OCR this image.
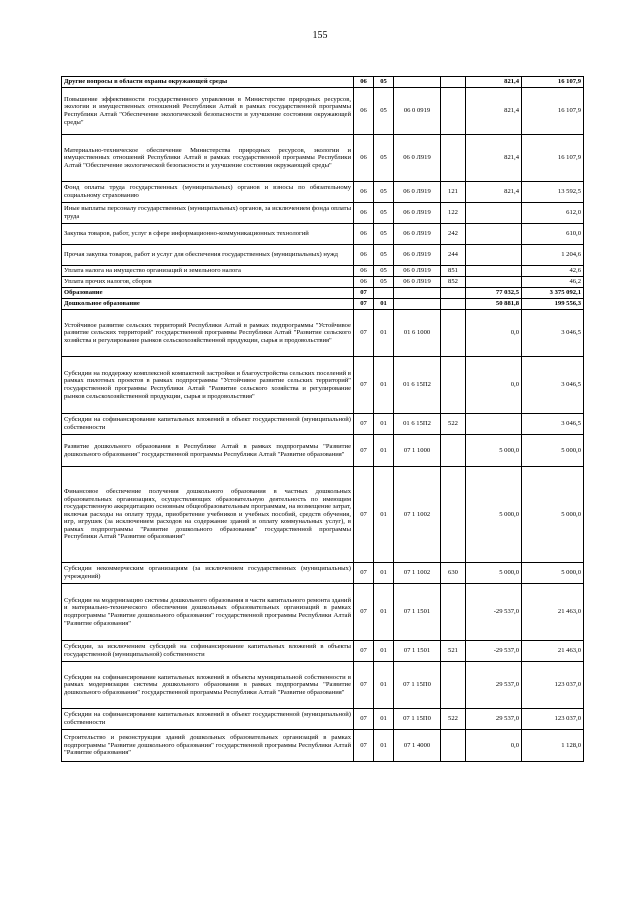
155
Другие вопросы в области охраны окружающей среды	06	05			821,4	16 107,9
Повышение эффективности государственного управления в Министерстве природных ресурсов, экологии и имущественных отношений Республики Алтай в рамках государственной программы Республики Алтай "Обеспечение экологической безопасности и улучшение состояния окружающей среды"	06	05	06 0 0919		821,4	16 107,9
Материально-техническое обеспечение Министерства природных ресурсов, экологии и имущественных отношений Республики Алтай в рамках государственной программы Республики Алтай "Обеспечение экологической безопасности и улучшение состояния окружающей среды"	06	05	06 0 Л919		821,4	16 107,9
Фонд оплаты труда государственных (муниципальных) органов и взносы по обязательному социальному страхованию	06	05	06 0 Л919	121	821,4	13 592,5
Иные выплаты персоналу государственных (муниципальных) органов, за исключением фонда оплаты труда	06	05	06 0 Л919	122		612,0
Закупка товаров, работ, услуг в сфере информационно-коммуникационных технологий	06	05	06 0 Л919	242		610,0
Прочая закупка товаров, работ и услуг для обеспечения государственных (муниципальных) нужд	06	05	06 0 Л919	244		1 204,6
Уплата налога на имущество организаций и земельного налога	06	05	06 0 Л919	851		42,6
Уплата прочих налогов, сборов	06	05	06 0 Л919	852		46,2
Образование	07				77 032,5	3 375 092,1
Дошкольное образование	07	01			50 881,8	199 556,3
Устойчивое развитие сельских территорий Республики Алтай в рамках подпрограммы "Устойчивое развитие сельских территорий" государственной программы Республики Алтай "Развитие сельского хозяйства и регулирование рынков сельскохозяйственной продукции, сырья и продовольствия"	07	01	01 6 1000		0,0	3 046,5
Субсидии на поддержку комплексной компактной застройки и благоустройства сельских поселений в рамках пилотных проектов в рамках подпрограммы "Устойчивое развитие сельских территорий" государственной программы Республики Алтай "Развитие сельского хозяйства и регулирование рынков сельскохозяйственной продукции, сырья и продовольствия"	07	01	01 6 15П2		0,0	3 046,5
Субсидии на софинансирование капитальных вложений в объект государственной (муниципальной) собственности	07	01	01 6 15П2	522		3 046,5
Развитие дошкольного образования в Республике Алтай в рамках подпрограммы "Развитие дошкольного образования" государственной программы Республики Алтай "Развитие образования"	07	01	07 1 1000		5 000,0	5 000,0
Финансовое обеспечение получения дошкольного образования в частных дошкольных образовательных организациях, осуществляющих образовательную деятельность по имеющим государственную аккредитацию основным общеобразовательным программам, на возмещение затрат, включая расходы на оплату труда, приобретение учебников и учебных пособий, средств обучения, игр, игрушек (за исключением расходов на содержание зданий и оплату коммунальных услуг), в рамках подпрограммы "Развитие дошкольного образования" государственной программы Республики Алтай "Развитие образования"	07	01	07 1 1002		5 000,0	5 000,0
Субсидии некоммерческим организациям (за исключением государственных (муниципальных) учреждений)	07	01	07 1 1002	630	5 000,0	5 000,0
Субсидии на модернизацию системы дошкольного образования в части капитального ремонта зданий и материально-технического обеспечения дошкольных образовательных организаций в рамках подпрограммы "Развитие дошкольного образования" государственной программы Республики Алтай "Развитие образования"	07	01	07 1 1501		-29 537,0	21 463,0
Субсидии, за исключением субсидий на софинансирование капитальных вложений в объекты государственной (муниципальной) собственности	07	01	07 1 1501	521	-29 537,0	21 463,0
Субсидии на софинансирование капитальных вложений в объекты муниципальной собственности в рамках модернизации системы дошкольного образования в рамках подпрограммы "Развитие дошкольного образования" государственной программы Республики Алтай "Развитие образования"	07	01	07 1 15П0		29 537,0	123 037,0
Субсидии на софинансирование капитальных вложений в объект государственной (муниципальной) собственности	07	01	07 1 15П0	522	29 537,0	123 037,0
Строительство и реконструкция зданий дошкольных образовательных организаций в рамках подпрограммы "Развитие дошкольного образования" государственной программы Республики Алтай "Развитие образования"	07	01	07 1 4000		0,0	1 128,0
